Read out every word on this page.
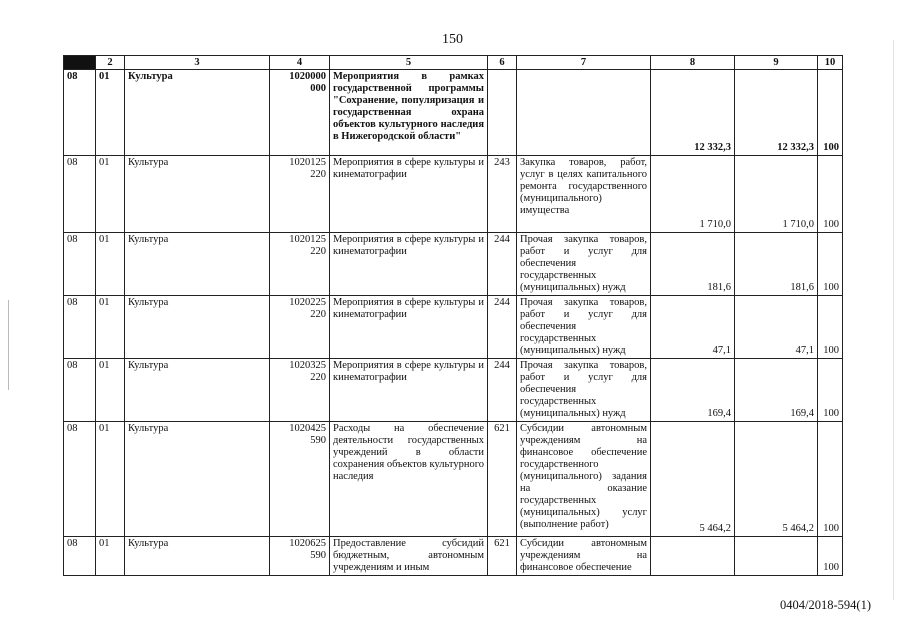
150
	2	3	4	5	6	7	8	9	10
08	01	Культура	1020000 000	Мероприятия в рамках государственной программы "Сохранение, популяризация и государственная охрана объектов культурного наследия в Нижегородской области"			12 332,3	12 332,3	100
08	01	Культура	1020125 220	Мероприятия в сфере культуры и кинематографии	243	Закупка товаров, работ, услуг в целях капитального ремонта государственного (муниципального) имущества	1 710,0	1 710,0	100
08	01	Культура	1020125 220	Мероприятия в сфере культуры и кинематографии	244	Прочая закупка товаров, работ и услуг для обеспечения государственных (муниципальных) нужд	181,6	181,6	100
08	01	Культура	1020225 220	Мероприятия в сфере культуры и кинематографии	244	Прочая закупка товаров, работ и услуг для обеспечения государственных (муниципальных) нужд	47,1	47,1	100
08	01	Культура	1020325 220	Мероприятия в сфере культуры и кинематографии	244	Прочая закупка товаров, работ и услуг для обеспечения государственных (муниципальных) нужд	169,4	169,4	100
08	01	Культура	1020425 590	Расходы на обеспечение деятельности государственных учреждений в области сохранения объектов культурного наследия	621	Субсидии автономным учреждениям на финансовое обеспечение государственного (муниципального) задания на оказание государственных (муниципальных) услуг (выполнение работ)	5 464,2	5 464,2	100
08	01	Культура	1020625 590	Предоставление субсидий бюджетным, автономным учреждениям и иным	621	Субсидии автономным учреждениям на финансовое обеспечение			100
0404/2018-594(1)
